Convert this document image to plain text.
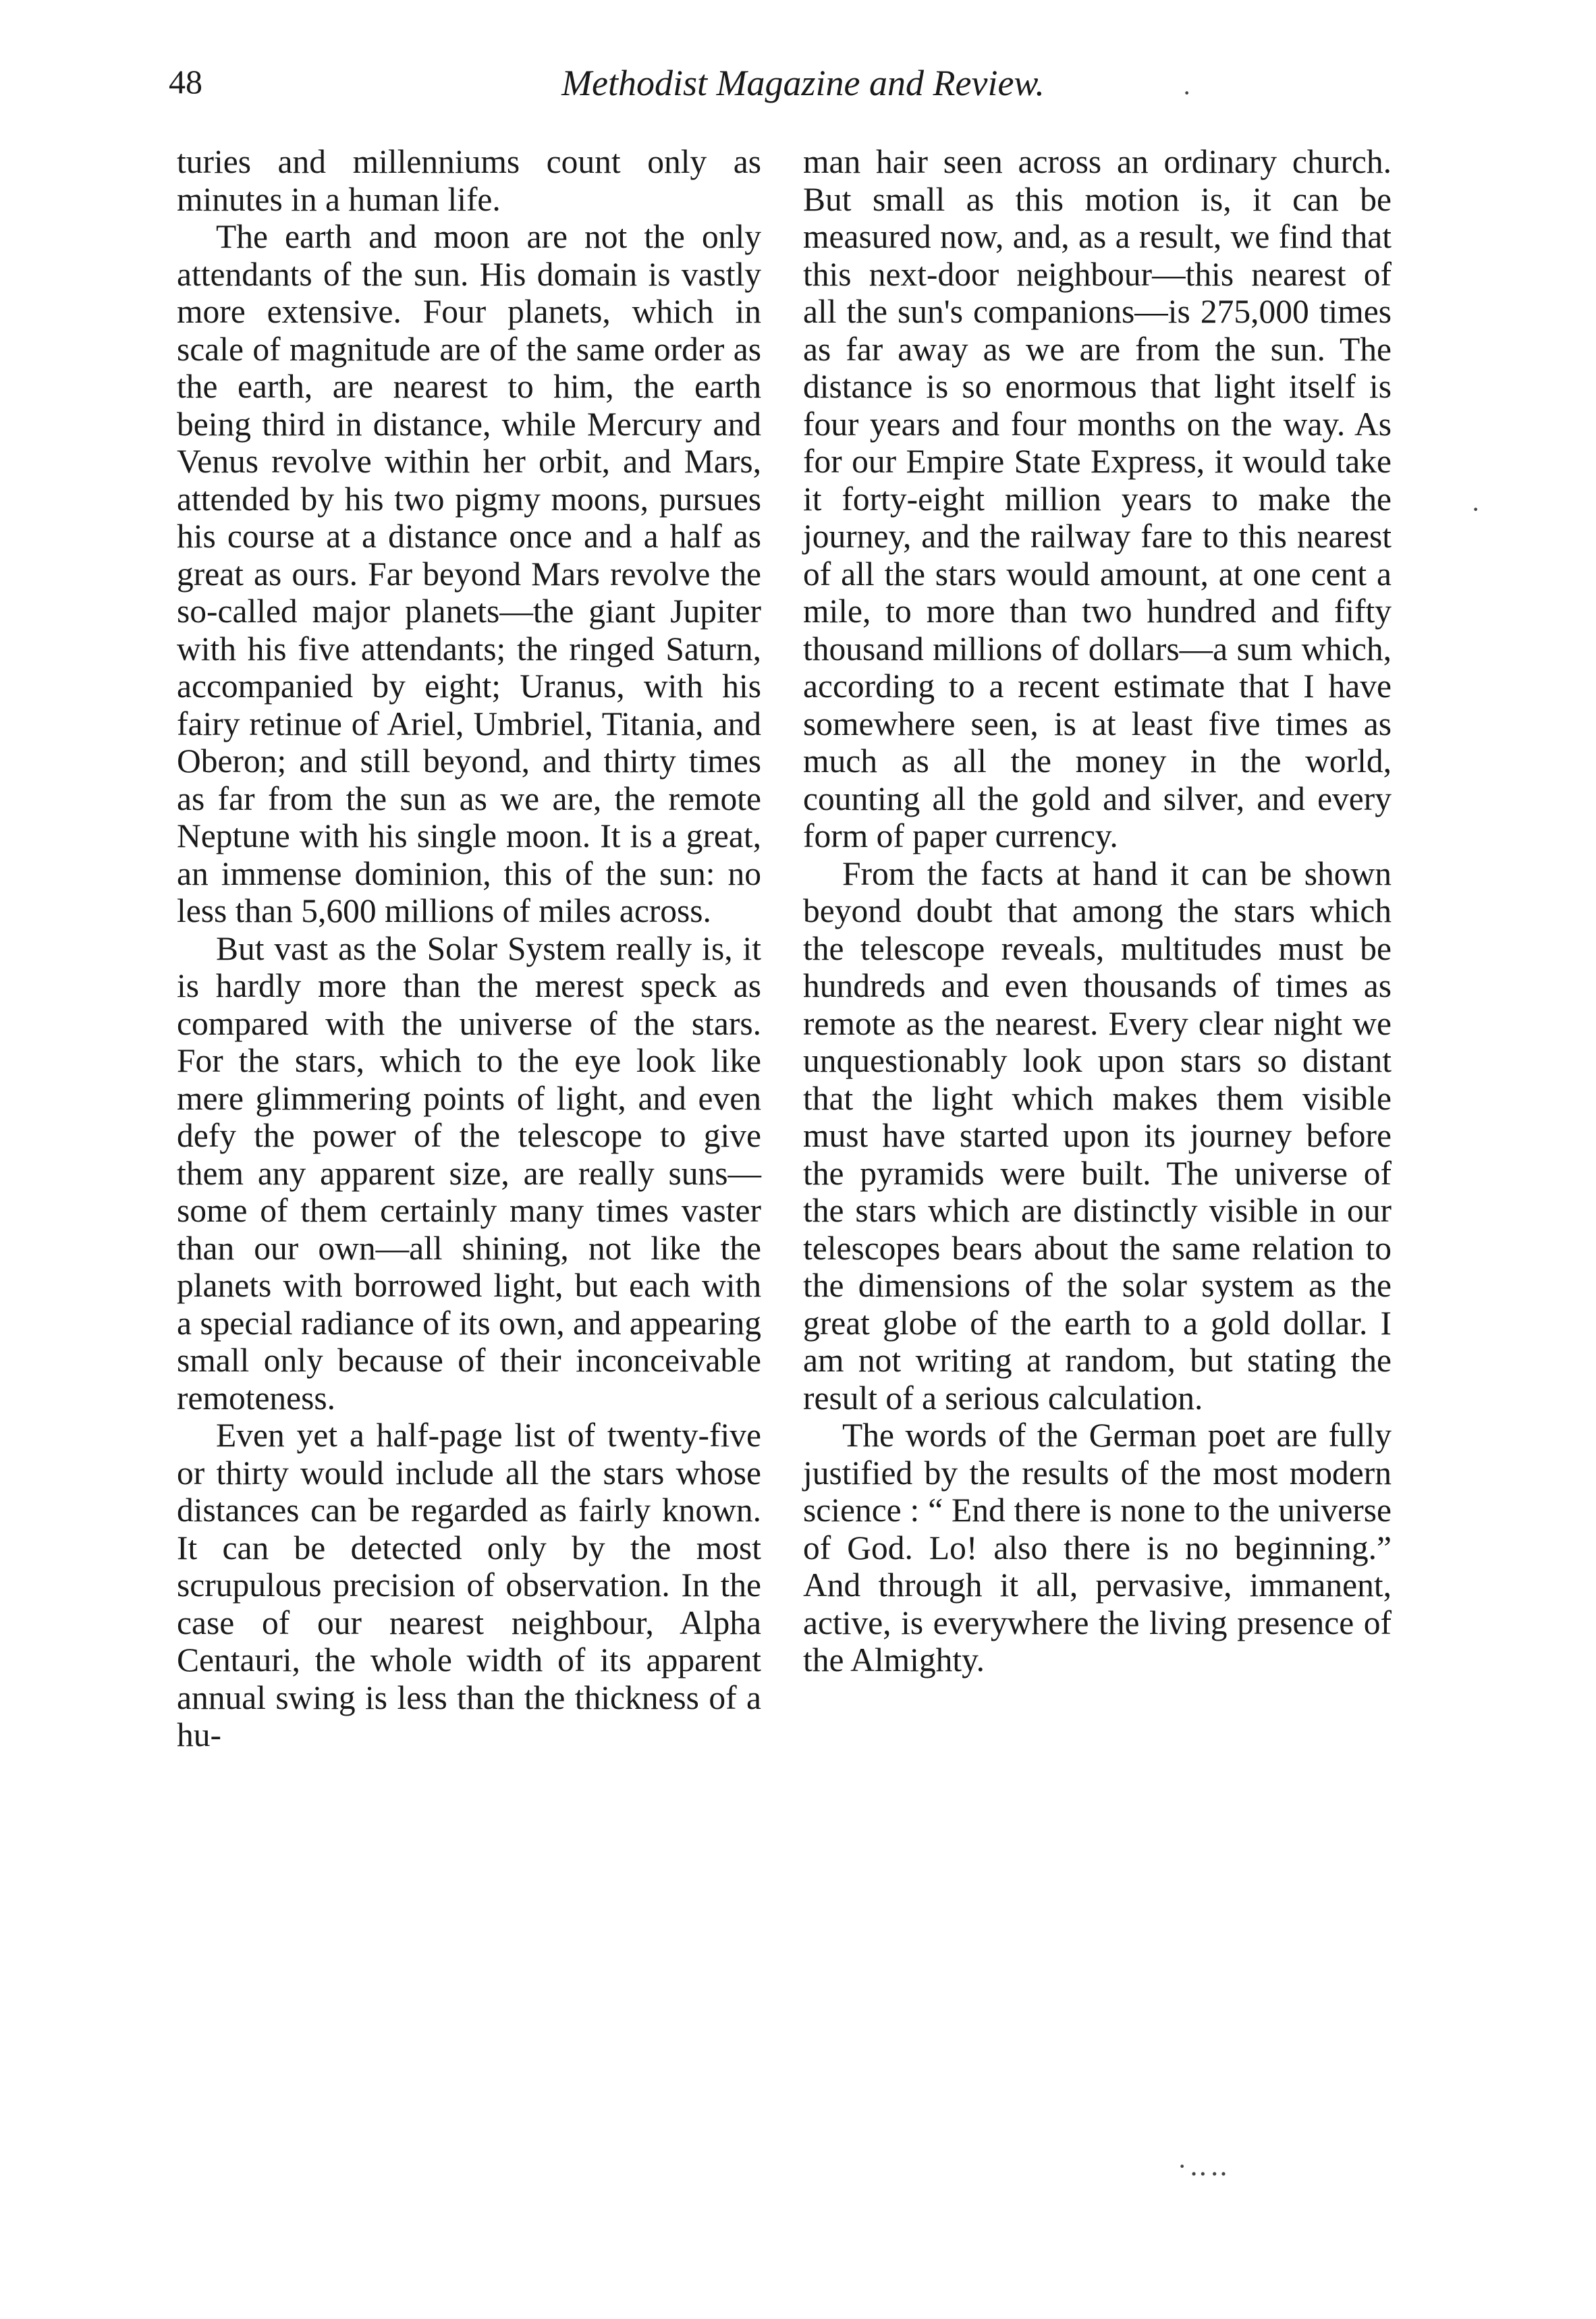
48	Methodist Magazine and Review.

turies and millenniums count only as minutes in a human life.

The earth and moon are not the only attendants of the sun. His domain is vastly more extensive. Four planets, which in scale of magnitude are of the same order as the earth, are nearest to him, the earth being third in distance, while Mercury and Venus revolve within her orbit, and Mars, attended by his two pigmy moons, pursues his course at a distance once and a half as great as ours. Far beyond Mars revolve the so-called major planets—the giant Jupiter with his five attendants; the ringed Saturn, accompanied by eight; Uranus, with his fairy retinue of Ariel, Umbriel, Titania, and Oberon; and still beyond, and thirty times as far from the sun as we are, the remote Neptune with his single moon. It is a great, an immense dominion, this of the sun: no less than 5,600 millions of miles across.

But vast as the Solar System really is, it is hardly more than the merest speck as compared with the universe of the stars. For the stars, which to the eye look like mere glimmering points of light, and even defy the power of the telescope to give them any apparent size, are really suns—some of them certainly many times vaster than our own—all shining, not like the planets with borrowed light, but each with a special radiance of its own, and appearing small only because of their inconceivable remoteness.

Even yet a half-page list of twenty-five or thirty would include all the stars whose distances can be regarded as fairly known. It can be detected only by the most scrupulous precision of observation. In the case of our nearest neighbour, Alpha Centauri, the whole width of its apparent annual swing is less than the thickness of a hu-

man hair seen across an ordinary church. But small as this motion is, it can be measured now, and, as a result, we find that this next-door neighbour—this nearest of all the sun's companions—is 275,000 times as far away as we are from the sun. The distance is so enormous that light itself is four years and four months on the way. As for our Empire State Express, it would take it forty-eight million years to make the journey, and the railway fare to this nearest of all the stars would amount, at one cent a mile, to more than two hundred and fifty thousand millions of dollars—a sum which, according to a recent estimate that I have somewhere seen, is at least five times as much as all the money in the world, counting all the gold and silver, and every form of paper currency.

From the facts at hand it can be shown beyond doubt that among the stars which the telescope reveals, multitudes must be hundreds and even thousands of times as remote as the nearest. Every clear night we unquestionably look upon stars so distant that the light which makes them visible must have started upon its journey before the pyramids were built. The universe of the stars which are distinctly visible in our telescopes bears about the same relation to the dimensions of the solar system as the great globe of the earth to a gold dollar. I am not writing at random, but stating the result of a serious calculation.

The words of the German poet are fully justified by the results of the most modern science : “ End there is none to the universe of God. Lo! also there is no beginning.” And through it all, pervasive, immanent, active, is everywhere the living presence of the Almighty.

·
·
·‥‥
